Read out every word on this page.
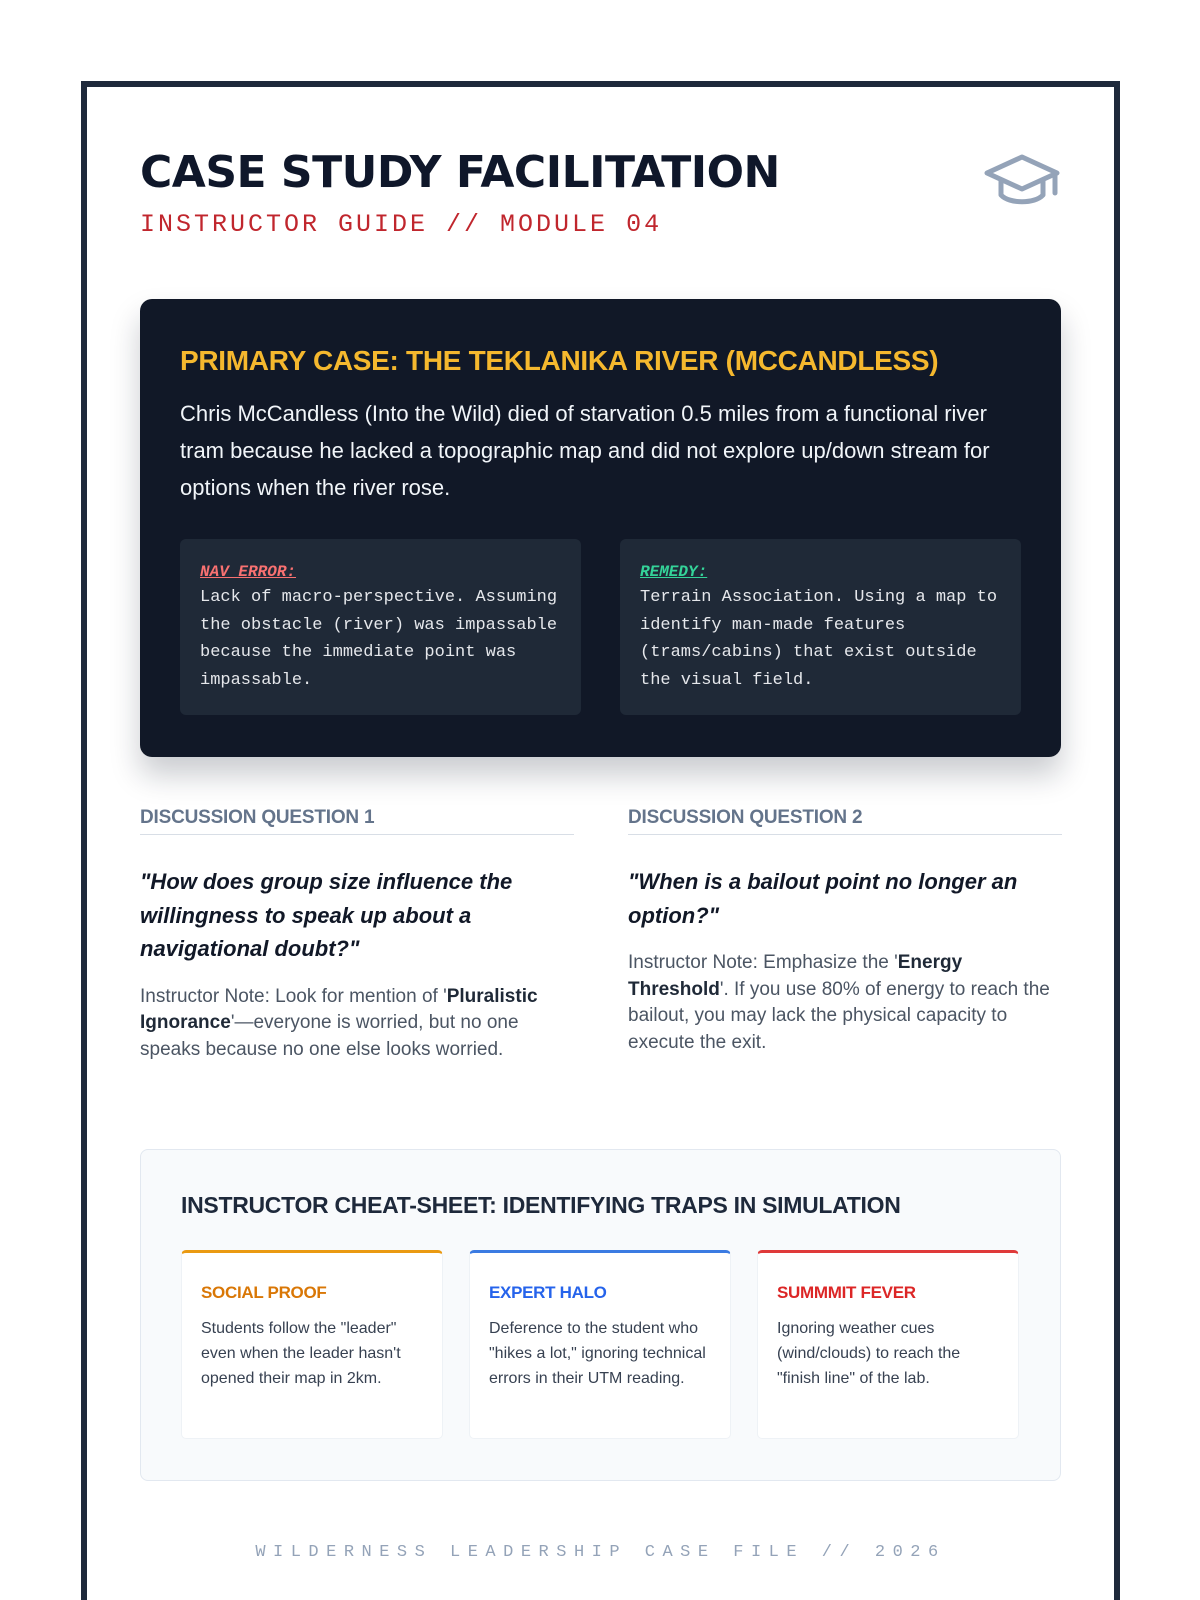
CASE STUDY FACILITATION
INSTRUCTOR GUIDE // MODULE 04
PRIMARY CASE: THE TEKLANIKA RIVER (MCCANDLESS)

Chris McCandless (Into the Wild) died of starvation 0.5 miles from a functional river tram because he lacked a topographic map and did not explore up/down stream for options when the river rose.

NAV ERROR:
Lack of macro-perspective. Assuming the obstacle (river) was impassable because the immediate point was impassable.
REMEDY:
Terrain Association. Using a map to identify man-made features (trams/cabins) that exist outside the visual field.
DISCUSSION QUESTION 1
"How does group size influence the willingness to speak up about a navigational doubt?"
Instructor Note: Look for mention of 'Pluralistic Ignorance'—everyone is worried, but no one speaks because no one else looks worried.
DISCUSSION QUESTION 2
"When is a bailout point no longer an option?"
Instructor Note: Emphasize the 'Energy Threshold'. If you use 80% of energy to reach the bailout, you may lack the physical capacity to execute the exit.
INSTRUCTOR CHEAT-SHEET: IDENTIFYING TRAPS IN SIMULATION
SOCIAL PROOF
Students follow the "leader" even when the leader hasn't opened their map in 2km.
EXPERT HALO
Deference to the student who "hikes a lot," ignoring technical errors in their UTM reading.
SUMMMIT FEVER
Ignoring weather cues (wind/clouds) to reach the "finish line" of the lab.
WILDERNESS LEADERSHIP CASE FILE // 2026
